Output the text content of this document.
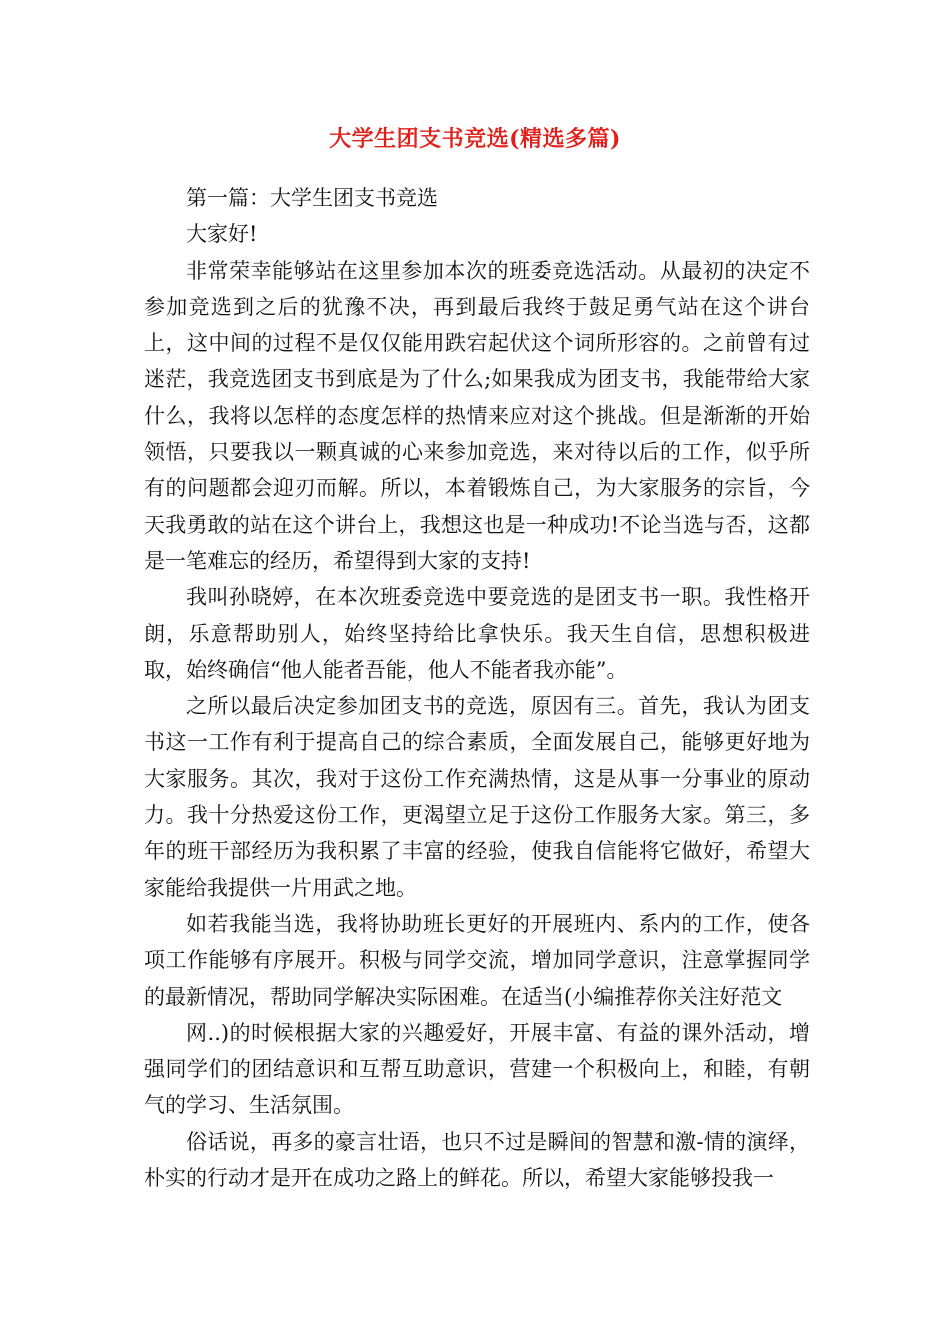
大学生团支书竞选(精选多篇)

第一篇：大学生团支书竞选

大家好!

非常荣幸能够站在这里参加本次的班委竞选活动。从最初的决定不参加竞选到之后的犹豫不决，再到最后我终于鼓足勇气站在这个讲台上，这中间的过程不是仅仅能用跌宕起伏这个词所形容的。之前曾有过迷茫，我竞选团支书到底是为了什么;如果我成为团支书，我能带给大家什么，我将以怎样的态度怎样的热情来应对这个挑战。但是渐渐的开始领悟，只要我以一颗真诚的心来参加竞选，来对待以后的工作，似乎所有的问题都会迎刃而解。所以，本着锻炼自己，为大家服务的宗旨，今天我勇敢的站在这个讲台上，我想这也是一种成功!不论当选与否，这都是一笔难忘的经历，希望得到大家的支持!

我叫孙晓婷，在本次班委竞选中要竞选的是团支书一职。我性格开朗，乐意帮助别人，始终坚持给比拿快乐。我天生自信，思想积极进取，始终确信“他人能者吾能，他人不能者我亦能”。

之所以最后决定参加团支书的竞选，原因有三。首先，我认为团支书这一工作有利于提高自己的综合素质，全面发展自己，能够更好地为大家服务。其次，我对于这份工作充满热情，这是从事一分事业的原动力。我十分热爱这份工作，更渴望立足于这份工作服务大家。第三，多年的班干部经历为我积累了丰富的经验，使我自信能将它做好，希望大家能给我提供一片用武之地。

如若我能当选，我将协助班长更好的开展班内、系内的工作，使各项工作能够有序展开。积极与同学交流，增加同学意识，注意掌握同学的最新情况，帮助同学解决实际困难。在适当(小编推荐你关注好范文

网..)的时候根据大家的兴趣爱好，开展丰富、有益的课外活动，增强同学们的团结意识和互帮互助意识，营建一个积极向上，和睦，有朝气的学习、生活氛围。

俗话说，再多的豪言壮语，也只不过是瞬间的智慧和激-情的演绎，朴实的行动才是开在成功之路上的鲜花。所以，希望大家能够投我一
